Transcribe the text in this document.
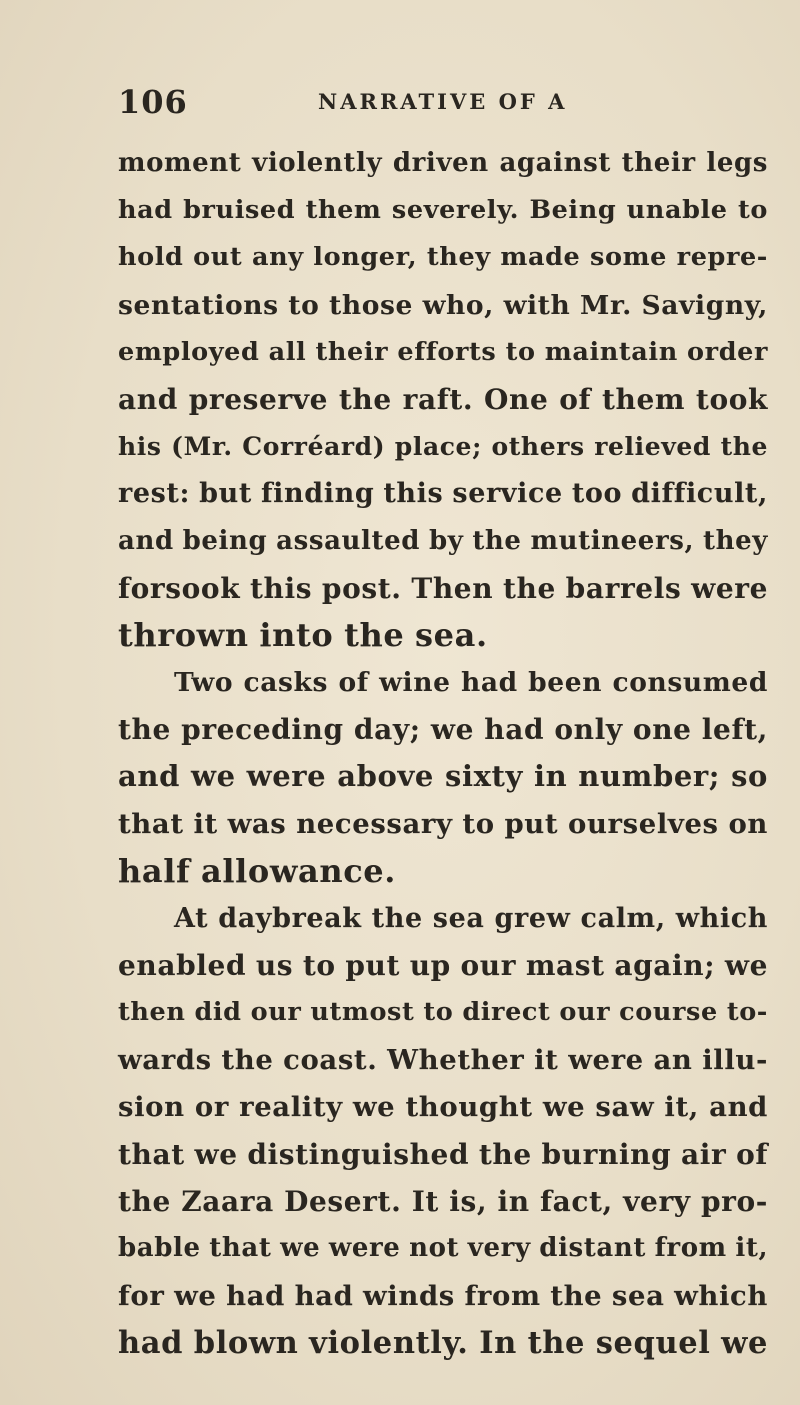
106	NARRATIVE OF A
moment violently driven against their legs
had bruised them severely. Being unable to
hold out any longer, they made some repre-
sentations to those who, with Mr. Savigny,
employed all their efforts to maintain order
and preserve the raft. One of them took
his (Mr. Corréard) place; others relieved the
rest: but finding this service too difficult,
and being assaulted by the mutineers, they
forsook this post. Then the barrels were
thrown into the sea.
Two casks of wine had been consumed
the preceding day; we had only one left,
and we were above sixty in number; so
that it was necessary to put ourselves on
half allowance.
At daybreak the sea grew calm, which
enabled us to put up our mast again; we
then did our utmost to direct our course to-
wards the coast. Whether it were an illu-
sion or reality we thought we saw it, and
that we distinguished the burning air of
the Zaara Desert. It is, in fact, very pro-
bable that we were not very distant from it,
for we had had winds from the sea which
had blown violently. In the sequel we
